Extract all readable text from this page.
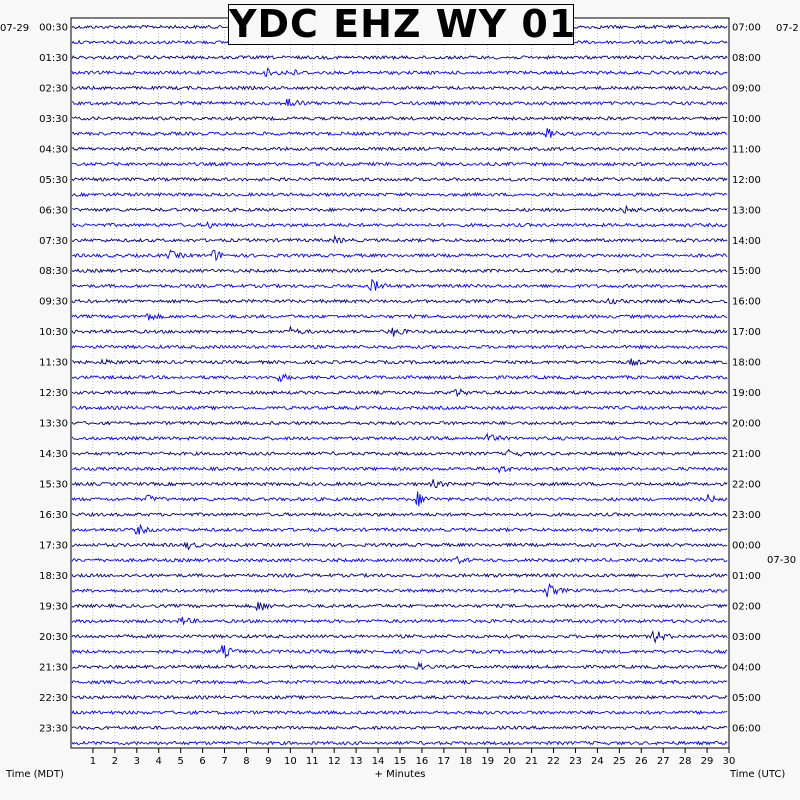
1 2 3 4 5 6 7 8 9 10 11 12 13 14 15 16 17 18 19 20 21 22 23 24 25 26 27 28 29 30
00:30
01:30
02:30
03:30
04:30
05:30
06:30
07:30
08:30
09:30
10:30
11:30
12:30
13:30
14:30
15:30
16:30
17:30
18:30
19:30
20:30
21:30
22:30
23:30
07:00
08:00
09:00
10:00
11:00
12:00
13:00
14:00
15:00
16:00
17:00
18:00
19:00
20:00
21:00
22:00
23:00
00:00
01:00
02:00
03:00
04:00
05:00
06:00
07-29	07-2
07-30
Time (MDT)	+ Minutes	Time (UTC)
YDC EHZ WY 01
